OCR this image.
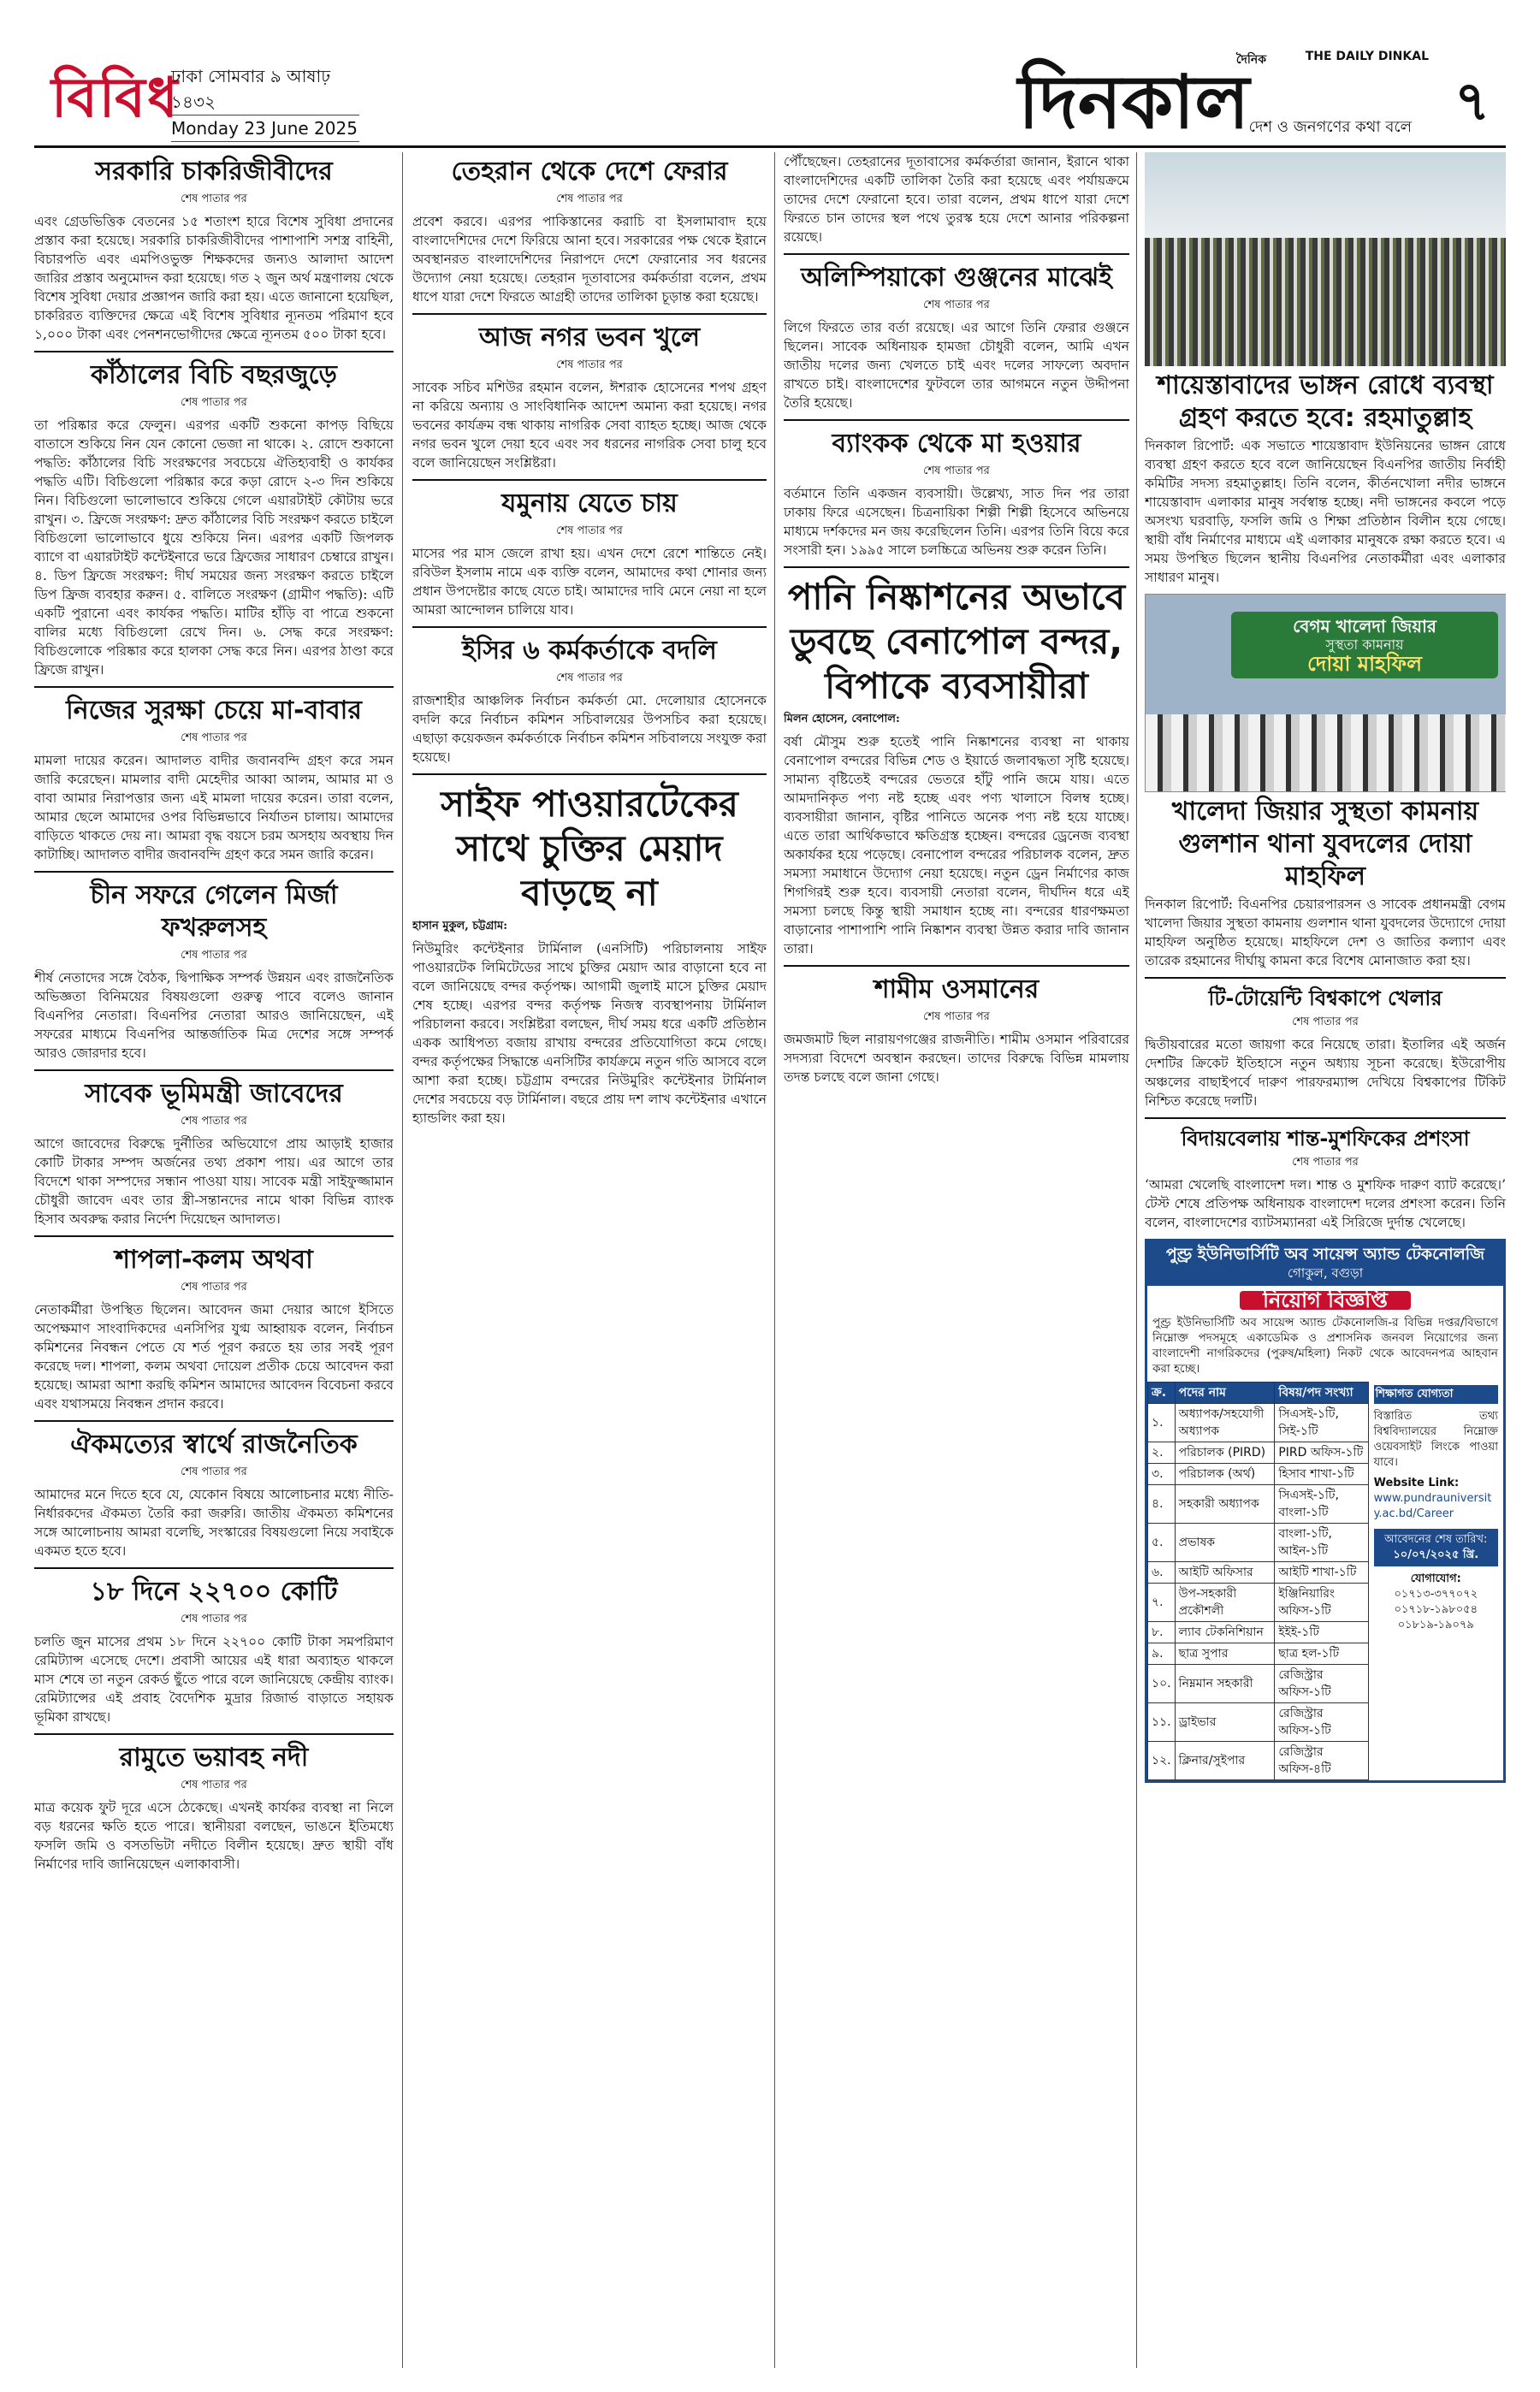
বিবিধ
ঢাকা সোমবার ৯ আষাঢ় ১৪৩২
Monday 23 June 2025	দিনকাল
দৈনিক	THE DAILY DINKAL
দেশ ও জনগণের কথা বলে ৭
সরকারি চাকরিজীবীদের
শেষ পাতার পর

এবং গ্রেডভিত্তিক বেতনের ১৫ শতাংশ হারে বিশেষ সুবিধা প্রদানের প্রস্তাব করা হয়েছে। সরকারি চাকরিজীবীদের পাশাপাশি সশস্ত্র বাহিনী, বিচারপতি এবং এমপিওভুক্ত শিক্ষকদের জন্যও আলাদা আদেশ জারির প্রস্তাব অনুমোদন করা হয়েছে। গত ২ জুন অর্থ মন্ত্রণালয় থেকে বিশেষ সুবিধা দেয়ার প্রজ্ঞাপন জারি করা হয়। এতে জানানো হয়েছিল, চাকরিরত ব্যক্তিদের ক্ষেত্রে এই বিশেষ সুবিধার ন্যূনতম পরিমাণ হবে ১,০০০ টাকা এবং পেনশনভোগীদের ক্ষেত্রে ন্যূনতম ৫০০ টাকা হবে।

কাঁঠালের বিচি বছরজুড়ে
শেষ পাতার পর

তা পরিষ্কার করে ফেলুন। এরপর একটি শুকনো কাপড় বিছিয়ে বাতাসে শুকিয়ে নিন যেন কোনো ভেজা না থাকে। ২. রোদে শুকানো পদ্ধতি: কাঁঠালের বিচি সংরক্ষণের সবচেয়ে ঐতিহ্যবাহী ও কার্যকর পদ্ধতি এটি। বিচিগুলো পরিষ্কার করে কড়া রোদে ২-৩ দিন শুকিয়ে নিন। বিচিগুলো ভালোভাবে শুকিয়ে গেলে এয়ারটাইট কৌটায় ভরে রাখুন। ৩. ফ্রিজে সংরক্ষণ: দ্রুত কাঁঠালের বিচি সংরক্ষণ করতে চাইলে বিচিগুলো ভালোভাবে ধুয়ে শুকিয়ে নিন। এরপর একটি জিপলক ব্যাগে বা এয়ারটাইট কন্টেইনারে ভরে ফ্রিজের সাধারণ চেম্বারে রাখুন। ৪. ডিপ ফ্রিজে সংরক্ষণ: দীর্ঘ সময়ের জন্য সংরক্ষণ করতে চাইলে ডিপ ফ্রিজ ব্যবহার করুন। ৫. বালিতে সংরক্ষণ (গ্রামীণ পদ্ধতি): এটি একটি পুরানো এবং কার্যকর পদ্ধতি। মাটির হাঁড়ি বা পাত্রে শুকনো বালির মধ্যে বিচিগুলো রেখে দিন। ৬. সেদ্ধ করে সংরক্ষণ: বিচিগুলোকে পরিষ্কার করে হালকা সেদ্ধ করে নিন। এরপর ঠাণ্ডা করে ফ্রিজে রাখুন।

নিজের সুরক্ষা চেয়ে মা-বাবার
শেষ পাতার পর

মামলা দায়ের করেন। আদালত বাদীর জবানবন্দি গ্রহণ করে সমন জারি করেছেন। মামলার বাদী মেহেদীর আব্বা আলম, আমার মা ও বাবা আমার নিরাপত্তার জন্য এই মামলা দায়ের করেন। তারা বলেন, আমার ছেলে আমাদের ওপর বিভিন্নভাবে নির্যাতন চালায়। আমাদের বাড়িতে থাকতে দেয় না। আমরা বৃদ্ধ বয়সে চরম অসহায় অবস্থায় দিন কাটাচ্ছি। আদালত বাদীর জবানবন্দি গ্রহণ করে সমন জারি করেন।

চীন সফরে গেলেন মির্জা ফখরুলসহ
শেষ পাতার পর

শীর্ষ নেতাদের সঙ্গে বৈঠক, দ্বিপাক্ষিক সম্পর্ক উন্নয়ন এবং রাজনৈতিক অভিজ্ঞতা বিনিময়ের বিষয়গুলো গুরুত্ব পাবে বলেও জানান বিএনপির নেতারা। বিএনপির নেতারা আরও জানিয়েছেন, এই সফরের মাধ্যমে বিএনপির আন্তর্জাতিক মিত্র দেশের সঙ্গে সম্পর্ক আরও জোরদার হবে।

সাবেক ভূমিমন্ত্রী জাবেদের
শেষ পাতার পর

আগে জাবেদের বিরুদ্ধে দুর্নীতির অভিযোগে প্রায় আড়াই হাজার কোটি টাকার সম্পদ অর্জনের তথ্য প্রকাশ পায়। এর আগে তার বিদেশে থাকা সম্পদের সন্ধান পাওয়া যায়। সাবেক মন্ত্রী সাইফুজ্জামান চৌধুরী জাবেদ এবং তার স্ত্রী-সন্তানদের নামে থাকা বিভিন্ন ব্যাংক হিসাব অবরুদ্ধ করার নির্দেশ দিয়েছেন আদালত।

শাপলা-কলম অথবা
শেষ পাতার পর

নেতাকর্মীরা উপস্থিত ছিলেন। আবেদন জমা দেয়ার আগে ইসিতে অপেক্ষমাণ সাংবাদিকদের এনসিপির যুগ্ম আহ্বায়ক বলেন, নির্বাচন কমিশনের নিবন্ধন পেতে যে শর্ত পূরণ করতে হয় তার সবই পূরণ করেছে দল। শাপলা, কলম অথবা দোয়েল প্রতীক চেয়ে আবেদন করা হয়েছে। আমরা আশা করছি কমিশন আমাদের আবেদন বিবেচনা করবে এবং যথাসময়ে নিবন্ধন প্রদান করবে।

ঐকমত্যের স্বার্থে রাজনৈতিক
শেষ পাতার পর

আমাদের মনে দিতে হবে যে, যেকোন বিষয়ে আলোচনার মধ্যে নীতি-নির্ধারকদের ঐকমত্য তৈরি করা জরুরি। জাতীয় ঐকমত্য কমিশনের সঙ্গে আলোচনায় আমরা বলেছি, সংস্কারের বিষয়গুলো নিয়ে সবাইকে একমত হতে হবে।

১৮ দিনে ২২৭০০ কোটি
শেষ পাতার পর

চলতি জুন মাসের প্রথম ১৮ দিনে ২২৭০০ কোটি টাকা সমপরিমাণ রেমিট্যান্স এসেছে দেশে। প্রবাসী আয়ের এই ধারা অব্যাহত থাকলে মাস শেষে তা নতুন রেকর্ড ছুঁতে পারে বলে জানিয়েছে কেন্দ্রীয় ব্যাংক। রেমিট্যান্সের এই প্রবাহ বৈদেশিক মুদ্রার রিজার্ভ বাড়াতে সহায়ক ভূমিকা রাখছে।

রামুতে ভয়াবহ নদী
শেষ পাতার পর

মাত্র কয়েক ফুট দূরে এসে ঠেকেছে। এখনই কার্যকর ব্যবস্থা না নিলে বড় ধরনের ক্ষতি হতে পারে। স্থানীয়রা বলছেন, ভাঙনে ইতিমধ্যে ফসলি জমি ও বসতভিটা নদীতে বিলীন হয়েছে। দ্রুত স্থায়ী বাঁধ নির্মাণের দাবি জানিয়েছেন এলাকাবাসী।

তেহরান থেকে দেশে ফেরার
শেষ পাতার পর

প্রবেশ করবে। এরপর পাকিস্তানের করাচি বা ইসলামাবাদ হয়ে বাংলাদেশিদের দেশে ফিরিয়ে আনা হবে। সরকারের পক্ষ থেকে ইরানে অবস্থানরত বাংলাদেশিদের নিরাপদে দেশে ফেরানোর সব ধরনের উদ্যোগ নেয়া হয়েছে। তেহরান দূতাবাসের কর্মকর্তারা বলেন, প্রথম ধাপে যারা দেশে ফিরতে আগ্রহী তাদের তালিকা চূড়ান্ত করা হয়েছে।

আজ নগর ভবন খুলে
শেষ পাতার পর

সাবেক সচিব মশিউর রহমান বলেন, ঈশরাক হোসেনের শপথ গ্রহণ না করিয়ে অন্যায় ও সাংবিধানিক আদেশ অমান্য করা হয়েছে। নগর ভবনের কার্যক্রম বন্ধ থাকায় নাগরিক সেবা ব্যাহত হচ্ছে। আজ থেকে নগর ভবন খুলে দেয়া হবে এবং সব ধরনের নাগরিক সেবা চালু হবে বলে জানিয়েছেন সংশ্লিষ্টরা।

যমুনায় যেতে চায়
শেষ পাতার পর

মাসের পর মাস জেলে রাখা হয়। এখন দেশে রেশে শান্তিতে নেই। রবিউল ইসলাম নামে এক ব্যক্তি বলেন, আমাদের কথা শোনার জন্য প্রধান উপদেষ্টার কাছে যেতে চাই। আমাদের দাবি মেনে নেয়া না হলে আমরা আন্দোলন চালিয়ে যাব।

ইসির ৬ কর্মকর্তাকে বদলি
শেষ পাতার পর

রাজশাহীর আঞ্চলিক নির্বাচন কর্মকর্তা মো. দেলোয়ার হোসেনকে বদলি করে নির্বাচন কমিশন সচিবালয়ের উপসচিব করা হয়েছে। এছাড়া কয়েকজন কর্মকর্তাকে নির্বাচন কমিশন সচিবালয়ে সংযুক্ত করা হয়েছে।

সাইফ পাওয়ারটেকের সাথে চুক্তির মেয়াদ বাড়ছে না
হাসান মুকুল, চট্টগ্রাম:

নিউমুরিং কন্টেইনার টার্মিনাল (এনসিটি) পরিচালনায় সাইফ পাওয়ারটেক লিমিটেডের সাথে চুক্তির মেয়াদ আর বাড়ানো হবে না বলে জানিয়েছে বন্দর কর্তৃপক্ষ। আগামী জুলাই মাসে চুক্তির মেয়াদ শেষ হচ্ছে। এরপর বন্দর কর্তৃপক্ষ নিজস্ব ব্যবস্থাপনায় টার্মিনাল পরিচালনা করবে। সংশ্লিষ্টরা বলছেন, দীর্ঘ সময় ধরে একটি প্রতিষ্ঠান একক আধিপত্য বজায় রাখায় বন্দরের প্রতিযোগিতা কমে গেছে। বন্দর কর্তৃপক্ষের সিদ্ধান্তে এনসিটির কার্যক্রমে নতুন গতি আসবে বলে আশা করা হচ্ছে। চট্টগ্রাম বন্দরের নিউমুরিং কন্টেইনার টার্মিনাল দেশের সবচেয়ে বড় টার্মিনাল। বছরে প্রায় দশ লাখ কন্টেইনার এখানে হ্যান্ডলিং করা হয়।

পৌঁছেছেন। তেহরানের দূতাবাসের কর্মকর্তারা জানান, ইরানে থাকা বাংলাদেশিদের একটি তালিকা তৈরি করা হয়েছে এবং পর্যায়ক্রমে তাদের দেশে ফেরানো হবে। তারা বলেন, প্রথম ধাপে যারা দেশে ফিরতে চান তাদের স্থল পথে তুরস্ক হয়ে দেশে আনার পরিকল্পনা রয়েছে।

অলিম্পিয়াকো গুঞ্জনের মাঝেই
শেষ পাতার পর

লিগে ফিরতে তার বর্তা রয়েছে। এর আগে তিনি ফেরার গুঞ্জনে ছিলেন। সাবেক অধিনায়ক হামজা চৌধুরী বলেন, আমি এখন জাতীয় দলের জন্য খেলতে চাই এবং দলের সাফল্যে অবদান রাখতে চাই। বাংলাদেশের ফুটবলে তার আগমনে নতুন উদ্দীপনা তৈরি হয়েছে।

ব্যাংকক থেকে মা হওয়ার
শেষ পাতার পর

বর্তমানে তিনি একজন ব্যবসায়ী। উল্লেখ্য, সাত দিন পর তারা ঢাকায় ফিরে এসেছেন। চিত্রনায়িকা শিল্পী শিল্পী হিসেবে অভিনয়ে মাধ্যমে দর্শকদের মন জয় করেছিলেন তিনি। এরপর তিনি বিয়ে করে সংসারী হন। ১৯৯৫ সালে চলচ্চিত্রে অভিনয় শুরু করেন তিনি।

পানি নিষ্কাশনের অভাবে ডুবছে বেনাপোল বন্দর, বিপাকে ব্যবসায়ীরা
মিলন হোসেন, বেনাপোল:

বর্ষা মৌসুম শুরু হতেই পানি নিষ্কাশনের ব্যবস্থা না থাকায় বেনাপোল বন্দরের বিভিন্ন শেড ও ইয়ার্ডে জলাবদ্ধতা সৃষ্টি হয়েছে। সামান্য বৃষ্টিতেই বন্দরের ভেতরে হাঁটু পানি জমে যায়। এতে আমদানিকৃত পণ্য নষ্ট হচ্ছে এবং পণ্য খালাসে বিলম্ব হচ্ছে। ব্যবসায়ীরা জানান, বৃষ্টির পানিতে অনেক পণ্য নষ্ট হয়ে যাচ্ছে। এতে তারা আর্থিকভাবে ক্ষতিগ্রস্ত হচ্ছেন। বন্দরের ড্রেনেজ ব্যবস্থা অকার্যকর হয়ে পড়েছে। বেনাপোল বন্দরের পরিচালক বলেন, দ্রুত সমস্যা সমাধানে উদ্যোগ নেয়া হয়েছে। নতুন ড্রেন নির্মাণের কাজ শিগগিরই শুরু হবে। ব্যবসায়ী নেতারা বলেন, দীর্ঘদিন ধরে এই সমস্যা চলছে কিন্তু স্থায়ী সমাধান হচ্ছে না। বন্দরের ধারণক্ষমতা বাড়ানোর পাশাপাশি পানি নিষ্কাশন ব্যবস্থা উন্নত করার দাবি জানান তারা।

শামীম ওসমানের
শেষ পাতার পর

জমজমাট ছিল নারায়ণগঞ্জের রাজনীতি। শামীম ওসমান পরিবারের সদস্যরা বিদেশে অবস্থান করছেন। তাদের বিরুদ্ধে বিভিন্ন মামলায় তদন্ত চলছে বলে জানা গেছে।

শায়েস্তাবাদের ভাঙ্গন রোধে ব্যবস্থা গ্রহণ করতে হবে: রহমাতুল্লাহ

দিনকাল রিপোর্ট: এক সভাতে শায়েস্তাবাদ ইউনিয়নের ভাঙ্গন রোধে ব্যবস্থা গ্রহণ করতে হবে বলে জানিয়েছেন বিএনপির জাতীয় নির্বাহী কমিটির সদস্য রহমাতুল্লাহ। তিনি বলেন, কীর্তনখোলা নদীর ভাঙ্গনে শায়েস্তাবাদ এলাকার মানুষ সর্বস্বান্ত হচ্ছে। নদী ভাঙ্গনের কবলে পড়ে অসংখ্য ঘরবাড়ি, ফসলি জমি ও শিক্ষা প্রতিষ্ঠান বিলীন হয়ে গেছে। স্থায়ী বাঁধ নির্মাণের মাধ্যমে এই এলাকার মানুষকে রক্ষা করতে হবে। এ সময় উপস্থিত ছিলেন স্থানীয় বিএনপির নেতাকর্মীরা এবং এলাকার সাধারণ মানুষ।

বেগম খালেদা জিয়ার
সুস্থতা কামনায়
দোয়া মাহফিল
খালেদা জিয়ার সুস্থতা কামনায় গুলশান থানা যুবদলের দোয়া মাহফিল

দিনকাল রিপোর্ট: বিএনপির চেয়ারপারসন ও সাবেক প্রধানমন্ত্রী বেগম খালেদা জিয়ার সুস্থতা কামনায় গুলশান থানা যুবদলের উদ্যোগে দোয়া মাহফিল অনুষ্ঠিত হয়েছে। মাহফিলে দেশ ও জাতির কল্যাণ এবং তারেক রহমানের দীর্ঘায়ু কামনা করে বিশেষ মোনাজাত করা হয়।

টি-টোয়েন্টি বিশ্বকাপে খেলার
শেষ পাতার পর

দ্বিতীয়বারের মতো জায়গা করে নিয়েছে তারা। ইতালির এই অর্জন দেশটির ক্রিকেট ইতিহাসে নতুন অধ্যায় সূচনা করেছে। ইউরোপীয় অঞ্চলের বাছাইপর্বে দারুণ পারফরম্যান্স দেখিয়ে বিশ্বকাপের টিকিট নিশ্চিত করেছে দলটি।

বিদায়বেলায় শান্ত-মুশফিকের প্রশংসা
শেষ পাতার পর

‘আমরা খেলেছি বাংলাদেশ দল। শান্ত ও মুশফিক দারুণ ব্যাট করেছে।’ টেস্ট শেষে প্রতিপক্ষ অধিনায়ক বাংলাদেশ দলের প্রশংসা করেন। তিনি বলেন, বাংলাদেশের ব্যাটসম্যানরা এই সিরিজে দুর্দান্ত খেলেছে।

পুণ্ড্র ইউনিভার্সিটি অব সায়েন্স অ্যান্ড টেকনোলজি
গোকুল, বগুড়া
নিয়োগ বিজ্ঞপ্তি

পুণ্ড্র ইউনিভার্সিটি অব সায়েন্স অ্যান্ড টেকনোলজি-র বিভিন্ন দপ্তর/বিভাগে নিম্নোক্ত পদসমূহে একাডেমিক ও প্রশাসনিক জনবল নিয়োগের জন্য বাংলাদেশী নাগরিকদের (পুরুষ/মহিলা) নিকট থেকে আবেদনপত্র আহবান করা হচ্ছে।

ক্র.	পদের নাম	বিষয়/পদ সংখ্যা
১.	অধ্যাপক/সহযোগী অধ্যাপক	সিএসই-১টি, সিই-১টি
২.	পরিচালক (PIRD)	PIRD অফিস-১টি
৩.	পরিচালক (অর্থ)	হিসাব শাখা-১টি
৪.	সহকারী অধ্যাপক	সিএসই-১টি, বাংলা-১টি
৫.	প্রভাষক	বাংলা-১টি, আইন-১টি
৬.	আইটি অফিসার	আইটি শাখা-১টি
৭.	উপ-সহকারী প্রকৌশলী	ইঞ্জিনিয়ারিং অফিস-১টি
৮.	ল্যাব টেকনিশিয়ান	ইইই-১টি
৯.	ছাত্র সুপার	ছাত্র হল-১টি
১০.	নিম্নমান সহকারী	রেজিস্ট্রার অফিস-১টি
১১.	ড্রাইভার	রেজিস্ট্রার অফিস-১টি
১২.	ক্লিনার/সুইপার	রেজিস্ট্রার অফিস-৪টি
শিক্ষাগত যোগ্যতা

বিস্তারিত তথ্য বিশ্ববিদ্যালয়ের নিম্নোক্ত ওয়েবসাইট লিংকে পাওয়া যাবে।

Website Link:
www.pundrauniversity.ac.bd/Career
আবেদনের শেষ তারিখ:
১০/০৭/২০২৫ খ্রি.
যোগাযোগ:
০১৭১৩-৩৭৭০৭২
০১৭১৮-১৯৮০৫৪
০১৮১৯-১৯০৭৯
